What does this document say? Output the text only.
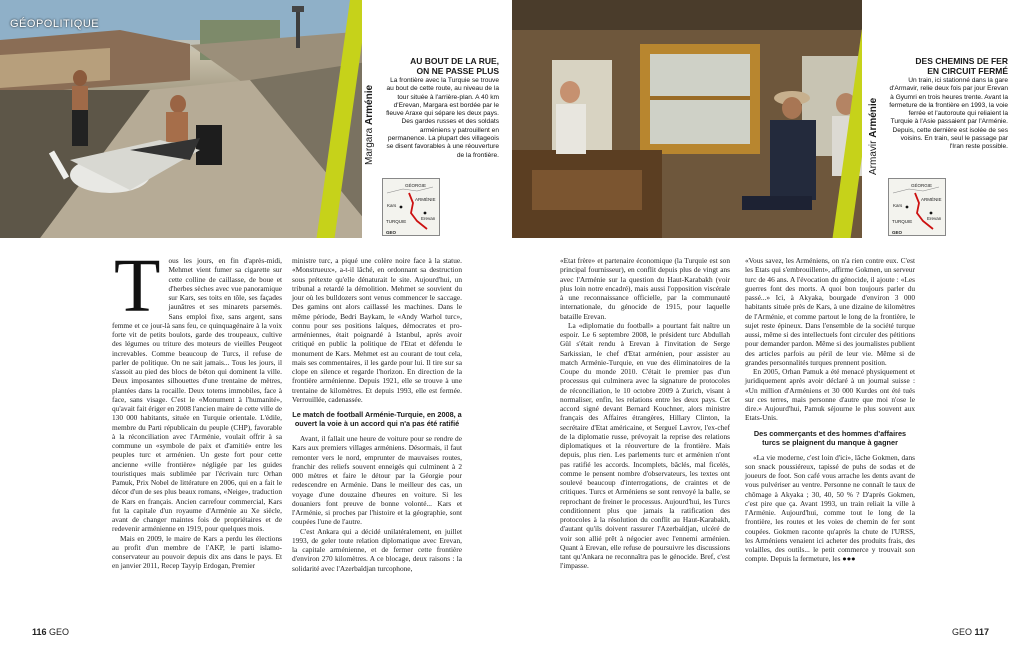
GÉOPOLITIQUE
Margara Arménie
AU BOUT DE LA RUE,
ON NE PASSE PLUS
La frontière avec la Turquie se trouve au bout de cette route, au niveau de la tour située à l'arrière-plan. A 40 km d'Erevan, Margara est bordée par le fleuve Araxe qui sépare les deux pays. Des gardes russes et des soldats arméniens y patrouillent en permanence. La plupart des villageois se disent favorables à une réouverture de la frontière.
GÉORGIE
ARMÉNIE
Kars
Erevan
TURQUIE
GEO
Armavir Arménie
DES CHEMINS DE FER
EN CIRCUIT FERMÉ
Un train, ici stationné dans la gare d'Armavir, relie deux fois par jour Erevan à Gyumri en trois heures trente. Avant la fermeture de la frontière en 1993, la voie ferrée et l'autoroute qui reliaient la Turquie à l'Asie passaient par l'Arménie. Depuis, cette dernière est isolée de ses voisins. En train, seul le passage par l'Iran reste possible.
GÉORGIE
ARMÉNIE
Kars
Erevan
TURQUIE
GEO
T	ous les jours, en fin d'après-midi, Mehmet vient fumer sa cigarette sur cette colline de caillasse, de boue et d'herbes sèches avec vue panoramique sur Kars, ses toits en tôle, ses façades jaunâtres et ses minarets parsemés. Sans emploi fixe, sans argent, sans femme et ce jour-là sans feu, ce quinquagénaire à la voix forte vit de petits boulots, garde des troupeaux, cultive des légumes ou triture des moteurs de vieilles Peugeot increvables. Comme beaucoup de Turcs, il refuse de parler de politique. On ne sait jamais... Tous les jours, il s'assoit au pied des blocs de béton qui dominent la ville. Deux imposantes silhouettes d'une trentaine de mètres, plantées dans la rocaille. Deux totems immobiles, face à face, sans visage. C'est le «Monument à l'humanité», qu'avait fait ériger en 2008 l'ancien maire de cette ville de 130 000 habitants, située en Turquie orientale. L'édile, membre du Parti républicain du peuple (CHP), favorable à la réconciliation avec l'Arménie, voulait offrir à sa commune un «symbole de paix et d'amitié» entre les peuples turc et arménien. Un geste fort pour cette ancienne «ville frontière» négligée par les guides touristiques mais sublimée par l'écrivain turc Orhan Pamuk, Prix Nobel de littérature en 2006, qui en a fait le décor d'un de ses plus beaux romans, «Neige», traduction de Kars en français. Ancien carrefour commercial, Kars fut la capitale d'un royaume d'Arménie au Xe siècle, avant de changer maintes fois de propriétaires et de redevenir arménienne en 1919, pour quelques mois.

Mais en 2009, le maire de Kars a perdu les élections au profit d'un membre de l'AKP, le parti islamo-conservateur au pouvoir depuis dix ans dans le pays. Et en janvier 2011, Recep Tayyip Erdogan, Premier

ministre turc, a piqué une colère noire face à la statue. «Monstrueux», a-t-il lâché, en ordonnant sa destruction sous prétexte qu'elle dénaturait le site. Aujourd'hui, un tribunal a retardé la démolition. Mehmet se souvient du jour où les bulldozers sont venus commencer le saccage. Des gamins ont alors caillassé les machines. Dans le même période, Bedri Baykam, le «Andy Warhol turc», connu pour ses positions laïques, démocrates et pro-arméniennes, était poignardé à Istanbul, après avoir critiqué en public la politique de l'Etat et défendu le monument de Kars. Mehmet est au courant de tout cela, mais ses commentaires, il les garde pour lui. Il tire sur sa clope en silence et regarde l'horizon. En direction de la frontière arménienne. Depuis 1921, elle se trouve à une trentaine de kilomètres. Et depuis 1993, elle est fermée. Verrouillée, cadenassée.

Le match de football Arménie-Turquie, en 2008, a ouvert la voie à un accord qui n'a pas été ratifié

Avant, il fallait une heure de voiture pour se rendre de Kars aux premiers villages arméniens. Désormais, il faut remonter vers le nord, emprunter de mauvaises routes, franchir des reliefs souvent enneigés qui culminent à 2 000 mètres et faire le détour par la Géorgie pour redescendre en Arménie. Dans le meilleur des cas, un voyage d'une douzaine d'heures en voiture. Si les douaniers font preuve de bonne volonté... Kars et l'Arménie, si proches par l'histoire et la géographie, sont coupées l'une de l'autre.

C'est Ankara qui a décidé unilatéralement, en juillet 1993, de geler toute relation diplomatique avec Erevan, la capitale arménienne, et de fermer cette frontière d'environ 270 kilomètres. A ce blocage, deux raisons : la solidarité avec l'Azerbaïdjan turcophone,

«Etat frère» et partenaire économique (la Turquie est son principal fournisseur), en conflit depuis plus de vingt ans avec l'Arménie sur la question du Haut-Karabakh (voir plus loin notre encadré), mais aussi l'opposition viscérale à une reconnaissance officielle, par la communauté internationale, du génocide de 1915, pour laquelle bataille Erevan.

La «diplomatie du football» a pourtant fait naître un espoir. Le 6 septembre 2008, le président turc Abdullah Gül s'était rendu à Erevan à l'invitation de Serge Sarkissian, le chef d'Etat arménien, pour assister au match Arménie-Turquie, en vue des éliminatoires de la Coupe du monde 2010. C'était le premier pas d'un processus qui culminera avec la signature de protocoles de réconciliation, le 10 octobre 2009 à Zurich, visant à normaliser, enfin, les relations entre les deux pays. Cet accord signé devant Bernard Kouchner, alors ministre français des Affaires étrangères, Hillary Clinton, la secrétaire d'Etat américaine, et Sergueï Lavrov, l'ex-chef de la diplomatie russe, prévoyait la reprise des relations diplomatiques et la réouverture de la frontière. Mais depuis, plus rien. Les parlements turc et arménien n'ont pas ratifié les accords. Incomplets, bâclés, mal ficelés, comme le pensent nombre d'observateurs, les textes ont soulevé beaucoup d'interrogations, de craintes et de critiques. Turcs et Arméniens se sont renvoyé la balle, se reprochant de freiner le processus. Aujourd'hui, les Turcs conditionnent plus que jamais la ratification des protocoles à la résolution du conflit au Haut-Karabakh, d'autant qu'ils doivent rassurer l'Azerbaïdjan, ulcéré de voir son allié prêt à négocier avec l'ennemi arménien. Quant à Erevan, elle refuse de poursuivre les discussions tant qu'Ankara ne reconnaîtra pas le génocide. Bref, c'est l'impasse.

«Vous savez, les Arméniens, on n'a rien contre eux. C'est les Etats qui s'embrouillent», affirme Gokmen, un serveur turc de 46 ans. A l'évocation du génocide, il ajoute : «Les guerres font des morts. A quoi bon toujours parler du passé...» Ici, à Akyaka, bourgade d'environ 3 000 habitants située près de Kars, à une dizaine de kilomètres de l'Arménie, et comme partout le long de la frontière, le sujet reste épineux. Dans l'ensemble de la société turque aussi, même si des intellectuels font circuler des pétitions pour demander pardon. Même si des journalistes publient des articles parfois au péril de leur vie. Même si de grandes personnalités turques prennent position.

En 2005, Orhan Pamuk a été menacé physiquement et juridiquement après avoir déclaré à un journal suisse : «Un million d'Arméniens et 30 000 Kurdes ont été tués sur ces terres, mais personne d'autre que moi n'ose le dire.» Aujourd'hui, Pamuk séjourne le plus souvent aux Etats-Unis.

Des commerçants et des hommes d'affaires turcs se plaignent du manque à gagner

«La vie moderne, c'est loin d'ici», lâche Gokmen, dans son snack poussiéreux, tapissé de puhs de sodas et de joueurs de foot. Son café vous arrache les dents avant de vous pulvériser au ventre. Personne ne connaît le taux de chômage à Akyaka ; 30, 40, 50 % ? D'après Gokmen, c'est pire que ça. Avant 1993, un train reliait la ville à l'Arménie. Aujourd'hui, comme tout le long de la frontière, les routes et les voies de chemin de fer sont coupées. Gokmen raconte qu'après la chute de l'URSS, les Arméniens venaient ici acheter des produits frais, des volailles, des outils... le petit commerce y trouvait son compte. Depuis la fermeture, les ●●●

116 GEO	GEO 117
